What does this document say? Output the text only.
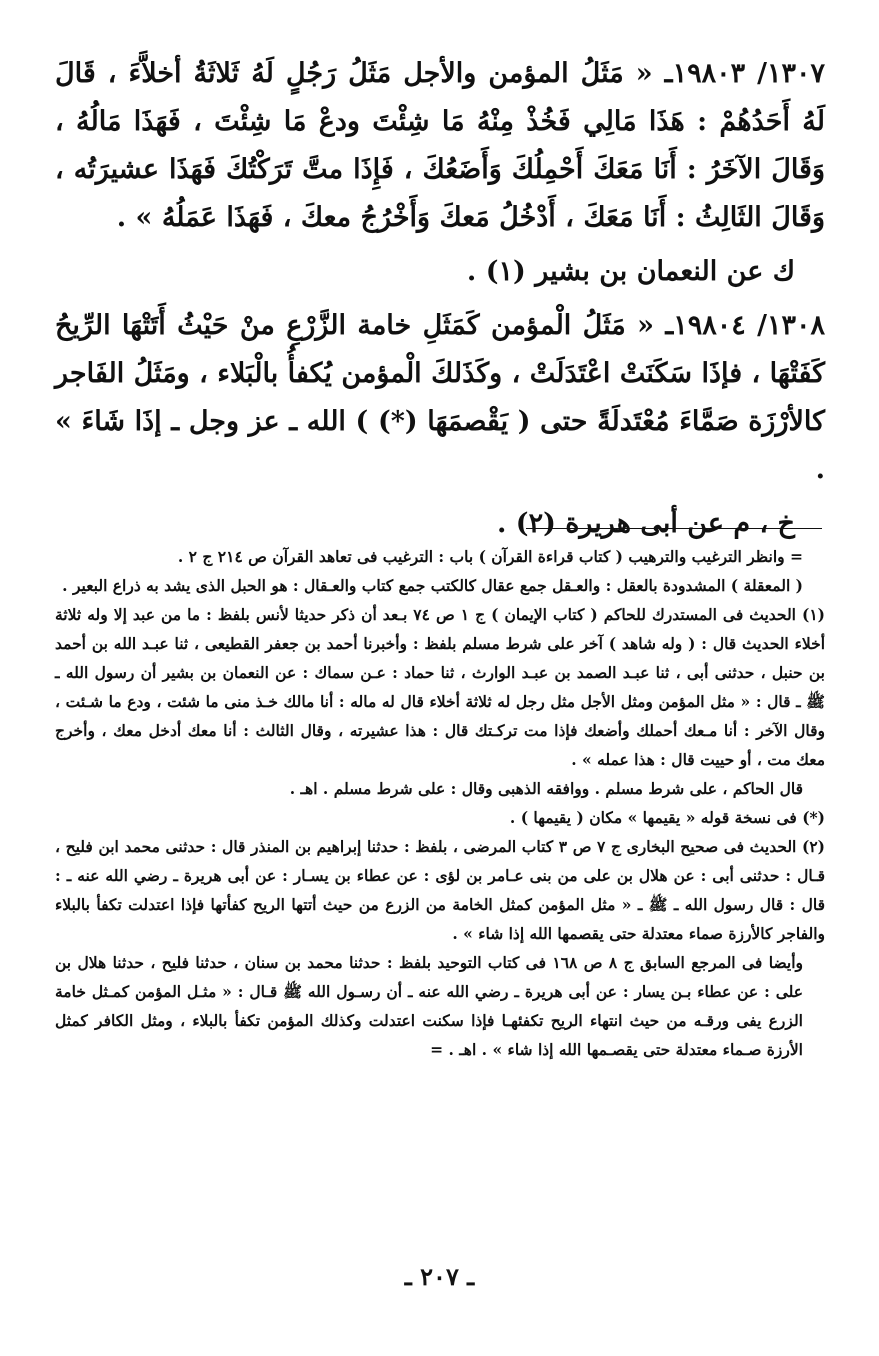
١٣٠٧/ ١٩٨٠٣ـ « مَثَلُ المؤمن والأجل مَثَلُ رَجُلٍ لَهُ ثَلاثَةُ أخلاَّءَ ، قَالَ لَهُ أَحَدُهُمْ : هَذَا مَالِي فَخُذْ مِنْهُ مَا شِئْتَ ودعْ مَا شِئْتَ ، فَهَذَا مَالُهُ ، وَقَالَ الآخَرُ : أَنَا مَعَكَ أَحْمِلُكَ وَأَضَعُكَ ، فَإِذَا متَّ تَرَكْتُكَ فَهَذَا عشيرَتُه ، وَقَالَ الثَالِثُ : أَنَا مَعَكَ ، أَدْخُلُ مَعكَ وَأَخْرُجُ معكَ ، فَهَذَا عَمَلُهُ » .

ك عن النعمان بن بشير (١) .

١٣٠٨/ ١٩٨٠٤ـ « مَثَلُ الْمؤمن كَمَثَلِ خامة الزَّرْعِ منْ حَيْثُ أَتَتْهَا الرِّيحُ كَفَتْهَا ، فإذَا سَكَنَتْ اعْتَدَلَتْ ، وكَذَلكَ الْمؤمن يُكفأُ بالْبَلاء ، ومَثَلُ الفَاجر كالأرْزَة صَمَّاءَ مُعْتَدلَةً حتى ( يَقْصمَهَا (*) ) الله ـ عز وجل ـ إذَا شَاءَ » .

خ ، م عن أبى هريرة (٢) .

= وانظر الترغيب والترهيب ( كتاب قراءة القرآن ) باب : الترغيب فى تعاهد القرآن ص ٢١٤ ج ٢ .

( المعقلة ) المشدودة بالعقل : والعـقل جمع عقال كالكتب جمع كتاب والعـقال : هو الحبل الذى يشد به ذراع البعير .

(١) الحديث فى المستدرك للحاكم ( كتاب الإيمان ) ج ١ ص ٧٤ بـعد أن ذكر حديثا لأنس بلفظ : ما من عبد إلا وله ثلاثة أخلاء الحديث قال : ( وله شاهد ) آخر على شرط مسلم بلفظ : وأخبرنا أحمد بن جعفر القطيعى ، ثنا عبـد الله بن أحمد بن حنبل ، حدثنى أبى ، ثنا عبـد الصمد بن عبـد الوارث ، ثنا حماد : عـن سماك : عن النعمان بن بشير أن رسول الله ـ ﷺ ـ قال : « مثل المؤمن ومثل الأجل مثل رجل له ثلاثة أخلاء قال له ماله : أنا مالك خـذ منى ما شئت ، ودع ما شـئت ، وقال الآخر : أنا مـعك أحملك وأضعك فإذا مت تركـتك قال : هذا عشيرته ، وقال الثالث : أنا معك أدخل معك ، وأخرج معك مت ، أو حييت قال : هذا عمله » .

قال الحاكم ، على شرط مسلم . ووافقه الذهبى وقال : على شرط مسلم . اهـ .

(*) فى نسخة قوله « يقيمها » مكان ( يقيمها ) .

(٢) الحديث فى صحيح البخارى ج ٧ ص ٣ كتاب المرضى ، بلفظ : حدثنا إبراهيم بن المنذر قال : حدثنى محمد ابن فليح ، قـال : حدثنى أبى : عن هلال بن على من بنى عـامر بن لؤى : عن عطاء بن يسـار : عن أبى هريرة ـ رضي الله عنه ـ : قال : قال رسول الله ـ ﷺ ـ « مثل المؤمن كمثل الخامة من الزرع من حيث أتتها الريح كفأتها فإذا اعتدلت تكفأ بالبلاء والفاجر كالأرزة صماء معتدلة حتى يقصمها الله إذا شاء » .

وأيضا فى المرجع السابق ج ٨ ص ١٦٨ فى كتاب التوحيد بلفظ : حدثنا محمد بن سنان ، حدثنا فليح ، حدثنا هلال بن على : عن عطاء بـن يسار : عن أبى هريرة ـ رضي الله عنه ـ أن رسـول الله ﷺ قـال : « مثـل المؤمن كمـثل خامة الزرع يفى ورقـه من حيث انتهاء الريح تكفئهـا فإذا سكنت اعتدلت وكذلك المؤمن تكفأ بالبلاء ، ومثل الكافر كمثل الأرزة صـماء معتدلة حتى يقصـمها الله إذا شاء » . اهـ . =

ـ ٢٠٧ ـ
